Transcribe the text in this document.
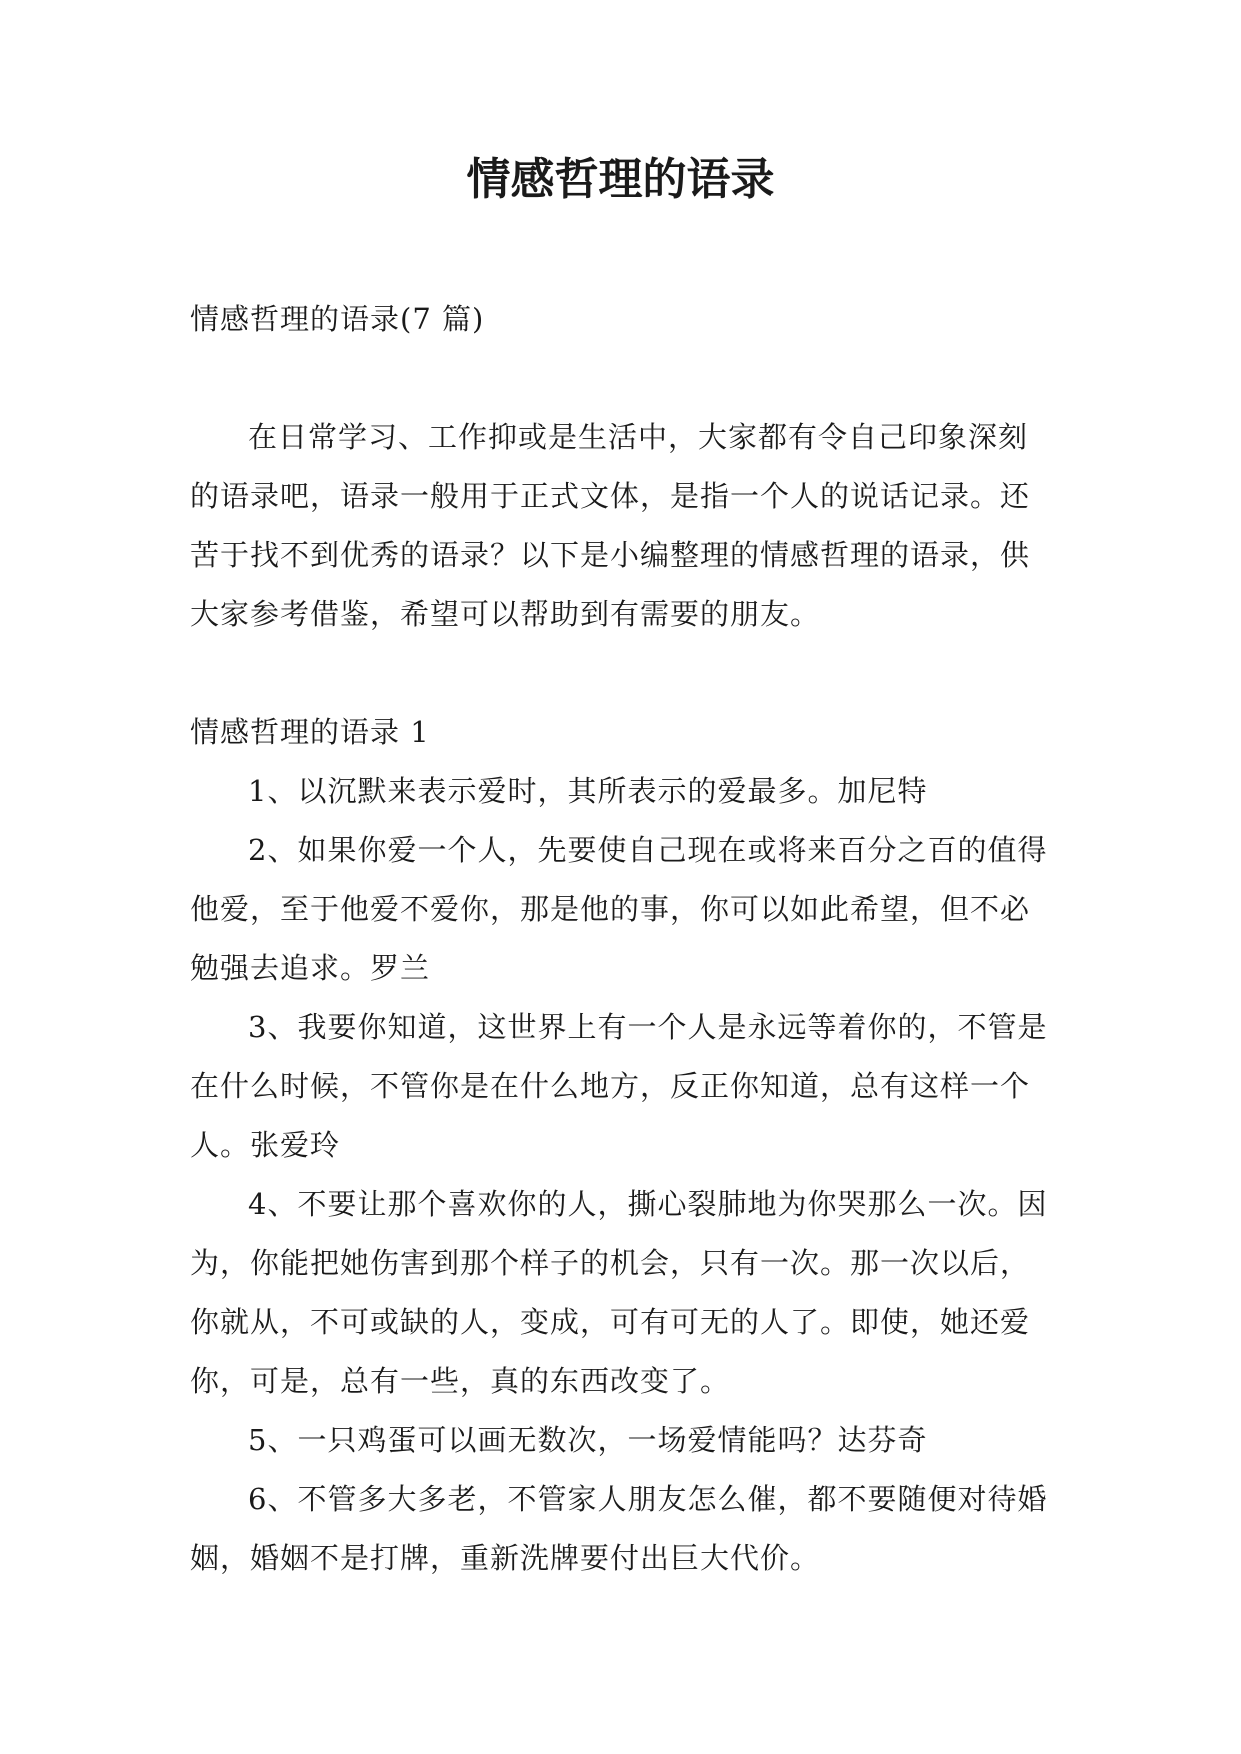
情感哲理的语录

情感哲理的语录(7 篇)

在日常学习、工作抑或是生活中，大家都有令自己印象深刻的语录吧，语录一般用于正式文体，是指一个人的说话记录。还苦于找不到优秀的语录？以下是小编整理的情感哲理的语录，供大家参考借鉴，希望可以帮助到有需要的朋友。

情感哲理的语录 1

1、以沉默来表示爱时，其所表示的爱最多。加尼特

2、如果你爱一个人，先要使自己现在或将来百分之百的值得他爱，至于他爱不爱你，那是他的事，你可以如此希望，但不必勉强去追求。罗兰

3、我要你知道，这世界上有一个人是永远等着你的，不管是在什么时候，不管你是在什么地方，反正你知道，总有这样一个人。张爱玲

4、不要让那个喜欢你的人，撕心裂肺地为你哭那么一次。因为，你能把她伤害到那个样子的机会，只有一次。那一次以后，你就从，不可或缺的人，变成，可有可无的人了。即使，她还爱你，可是，总有一些，真的东西改变了。

5、一只鸡蛋可以画无数次，一场爱情能吗？达芬奇

6、不管多大多老，不管家人朋友怎么催，都不要随便对待婚姻，婚姻不是打牌，重新洗牌要付出巨大代价。
